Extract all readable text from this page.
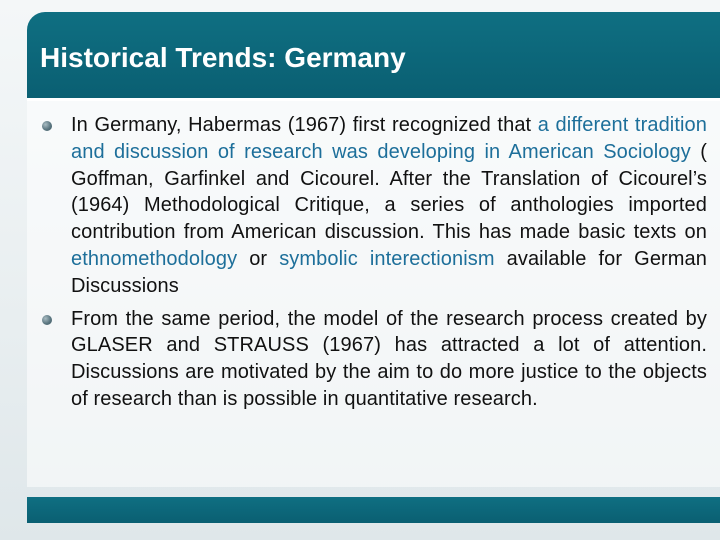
Historical Trends: Germany
In Germany, Habermas (1967) first recognized that a different tradition and discussion of research was developing in American Sociology ( Goffman, Garfinkel and Cicourel. After the Translation of Cicourel’s (1964) Methodological Critique, a series of anthologies imported contribution from American discussion. This has made basic texts on ethnomethodology or symbolic interectionism available for German Discussions
From the same period, the model of the research process created by GLASER and STRAUSS (1967) has attracted a lot of attention. Discussions are motivated by the aim to do more justice to the objects of research than is possible in quantitative research.
